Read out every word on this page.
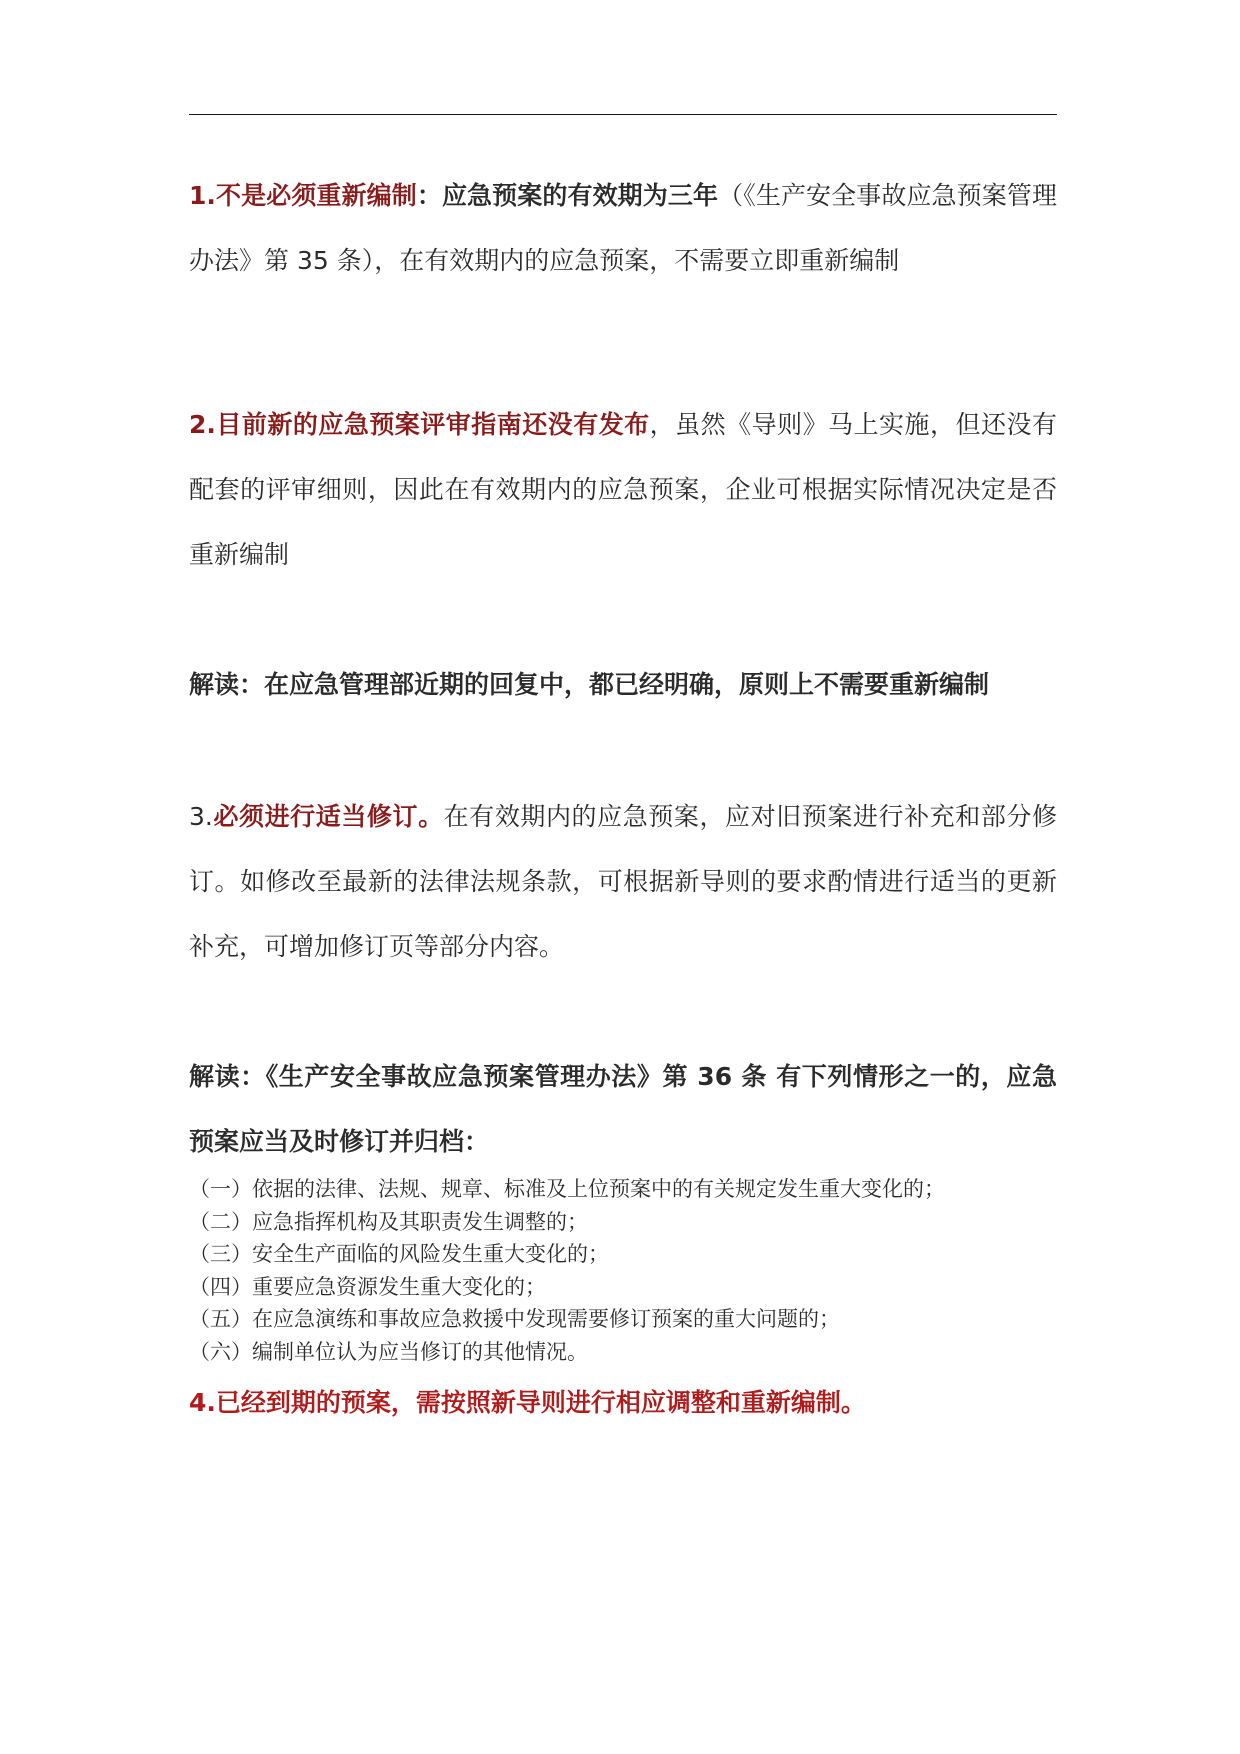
1.不是必须重新编制：应急预案的有效期为三年（《生产安全事故应急预案管理办法》第 35 条），在有效期内的应急预案，不需要立即重新编制

2.目前新的应急预案评审指南还没有发布，虽然《导则》马上实施，但还没有配套的评审细则，因此在有效期内的应急预案，企业可根据实际情况决定是否重新编制

解读：在应急管理部近期的回复中，都已经明确，原则上不需要重新编制

3.必须进行适当修订。在有效期内的应急预案，应对旧预案进行补充和部分修订。如修改至最新的法律法规条款，可根据新导则的要求酌情进行适当的更新补充，可增加修订页等部分内容。

解读：《生产安全事故应急预案管理办法》第 36 条 有下列情形之一的，应急预案应当及时修订并归档：

（一）依据的法律、法规、规章、标准及上位预案中的有关规定发生重大变化的；
（二）应急指挥机构及其职责发生调整的；
（三）安全生产面临的风险发生重大变化的；
（四）重要应急资源发生重大变化的；
（五）在应急演练和事故应急救援中发现需要修订预案的重大问题的；
（六）编制单位认为应当修订的其他情况。

4.已经到期的预案，需按照新导则进行相应调整和重新编制。
